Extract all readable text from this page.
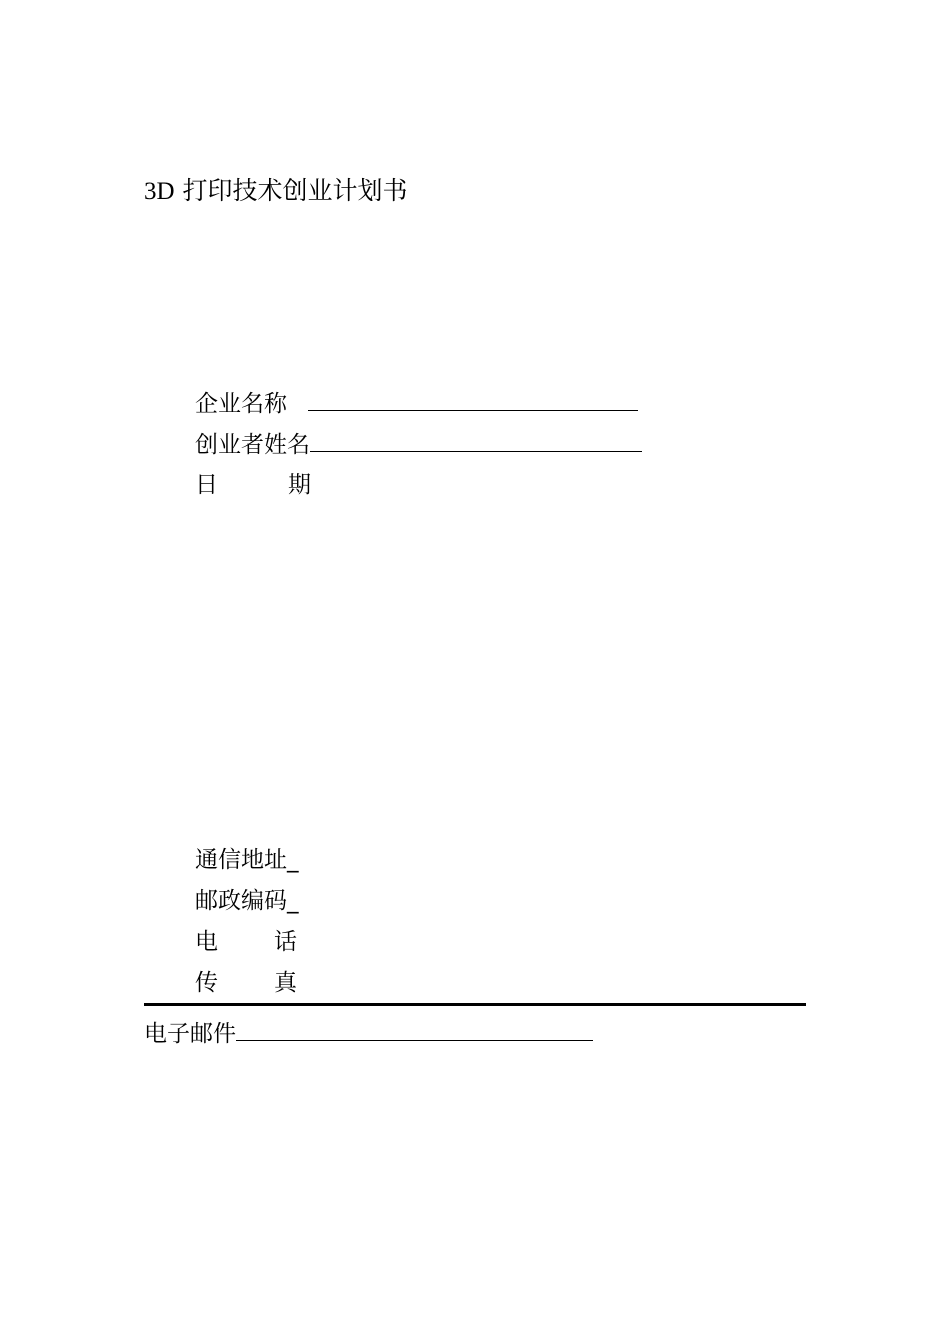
3D 打印技术创业计划书
企业名称
创业者姓名
日	期
通信地址_
邮政编码_
电 话
传 真
电子邮件
